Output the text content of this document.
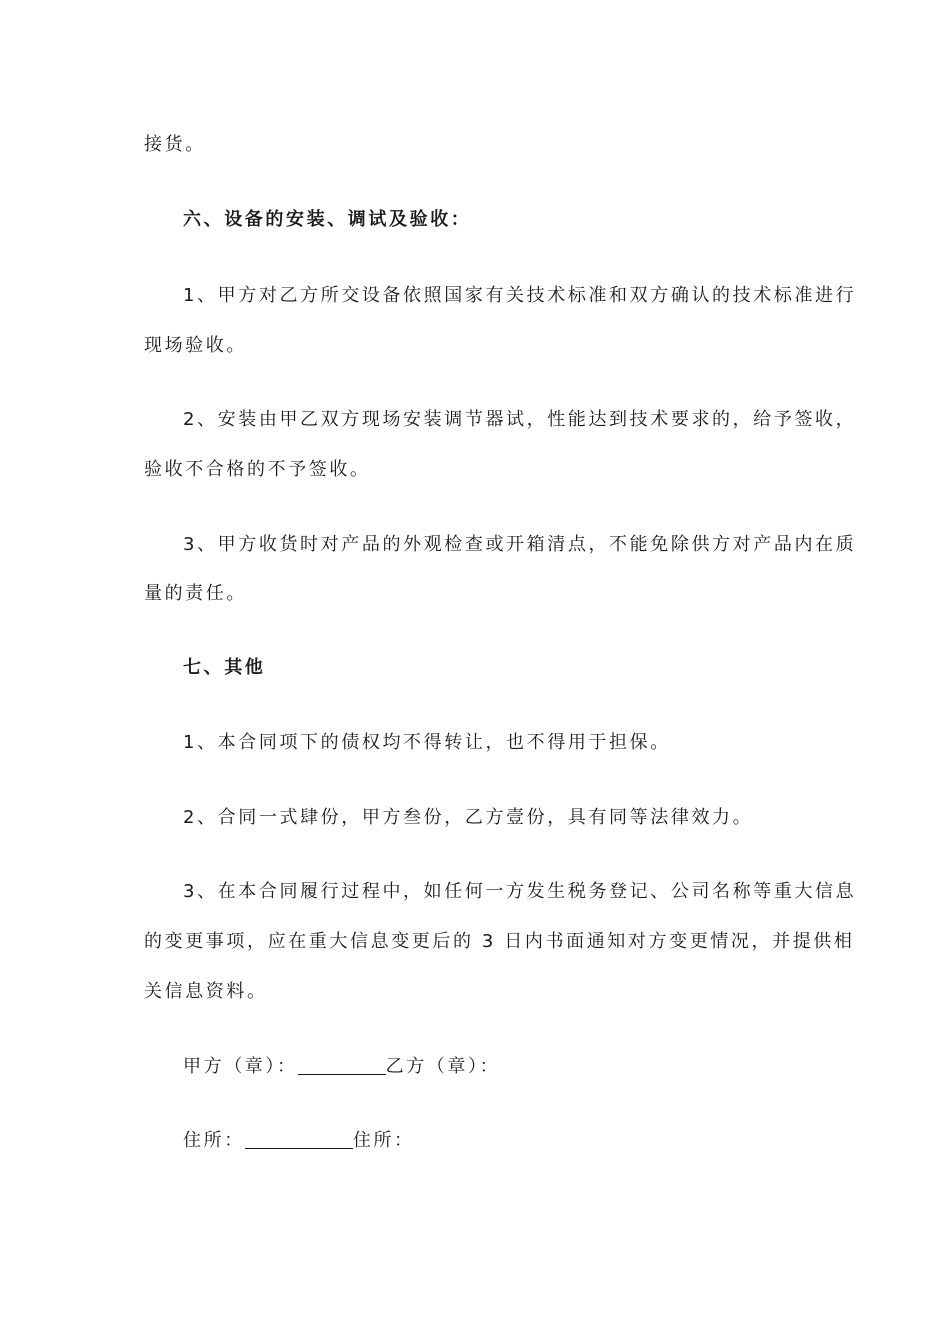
接货。
六、设备的安装、调试及验收：
1、甲方对乙方所交设备依照国家有关技术标准和双方确认的技术标准进行
现场验收。
2、安装由甲乙双方现场安装调节器试，性能达到技术要求的，给予签收，
验收不合格的不予签收。
3、甲方收货时对产品的外观检查或开箱清点，不能免除供方对产品内在质
量的责任。
七、其他
1、本合同项下的债权均不得转让，也不得用于担保。
2、合同一式肆份，甲方叁份，乙方壹份，具有同等法律效力。
3、在本合同履行过程中，如任何一方发生税务登记、公司名称等重大信息
的变更事项，应在重大信息变更后的 3 日内书面通知对方变更情况，并提供相
关信息资料。
甲方（章）：	乙方（章）：
住所：	住所：
